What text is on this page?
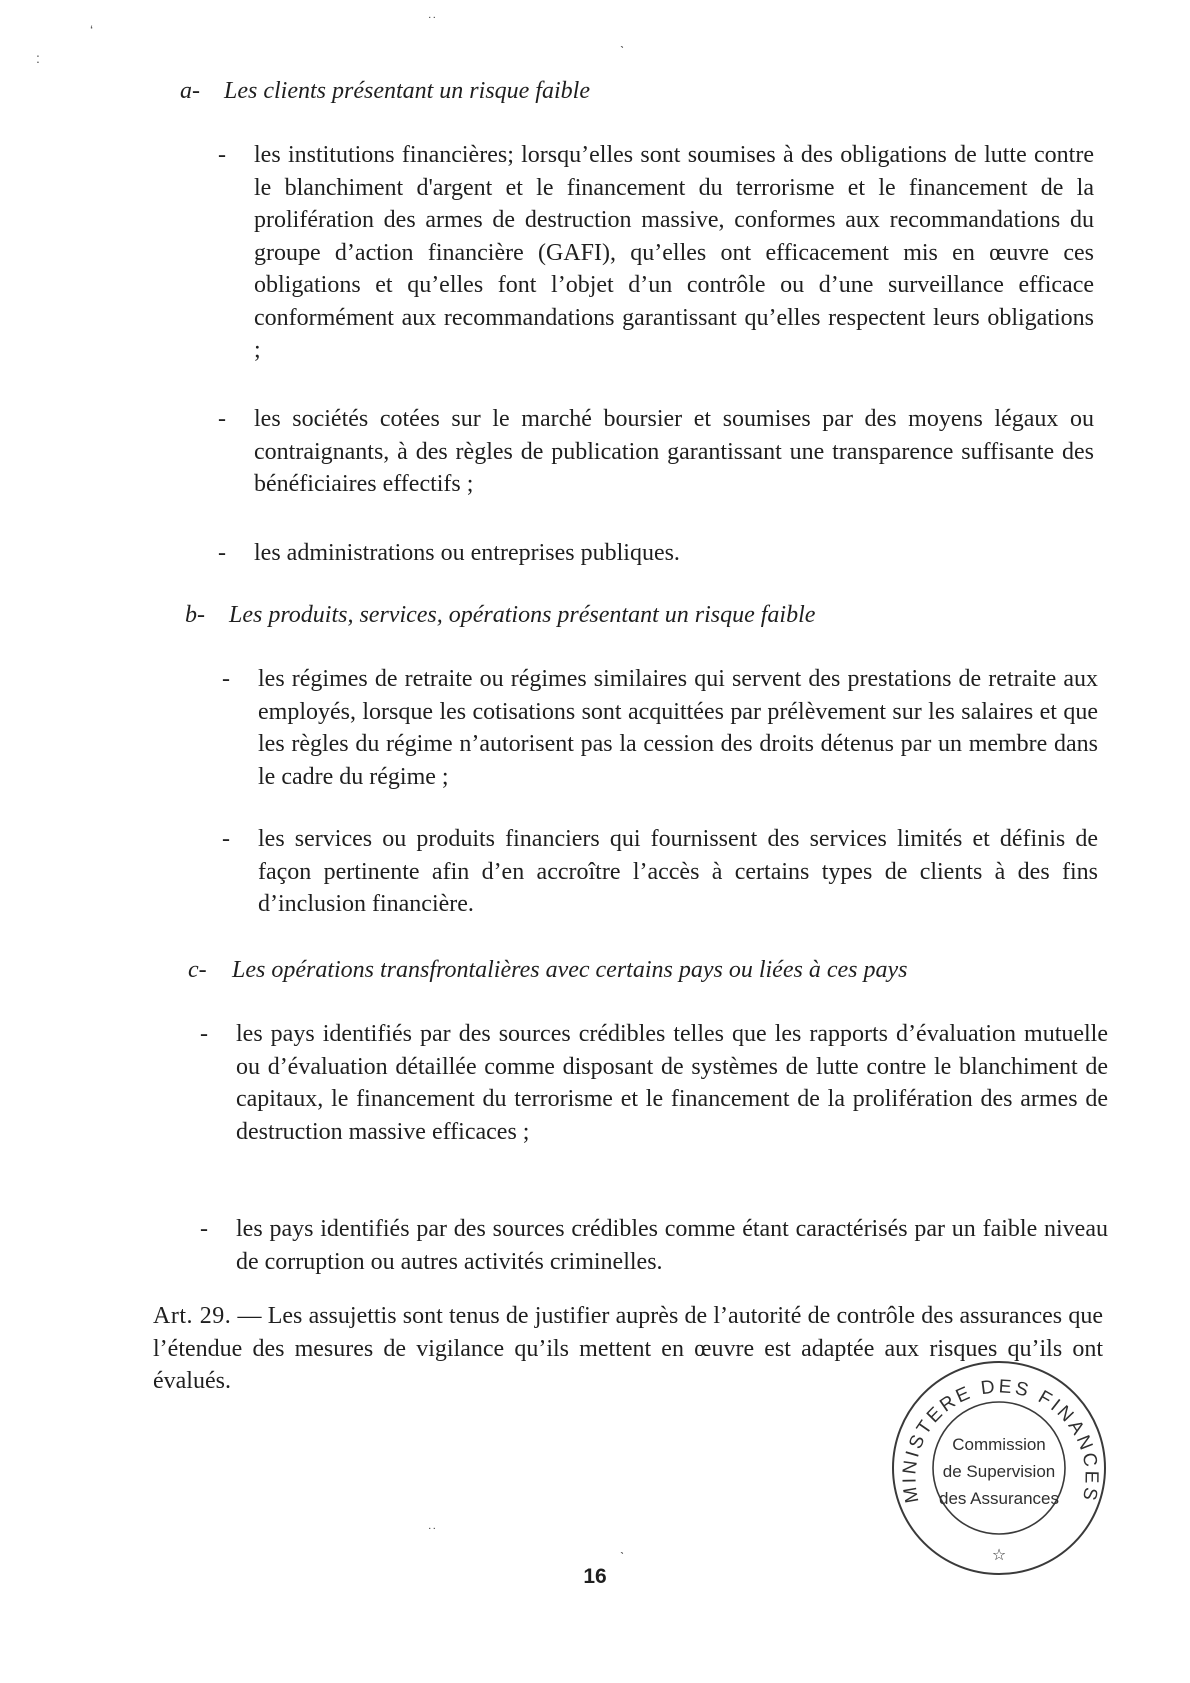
‘
:
˙˙
ˎ
˙˙
ˎ
a- Les clients présentant un risque faible
- les institutions financières; lorsqu’elles sont soumises à des obligations de lutte contre le blanchiment d'argent et le financement du terrorisme et le financement de la prolifération des armes de destruction massive, conformes aux recommandations du groupe d’action financière (GAFI), qu’elles ont efficacement mis en œuvre ces obligations et qu’elles font l’objet d’un contrôle ou d’une surveillance efficace conformément aux recommandations garantissant qu’elles respectent leurs obligations ;
- les sociétés cotées sur le marché boursier et soumises par des moyens légaux ou contraignants, à des règles de publication garantissant une transparence suffisante des bénéficiaires effectifs ;
- les administrations ou entreprises publiques.
b- Les produits, services, opérations présentant un risque faible
- les régimes de retraite ou régimes similaires qui servent des prestations de retraite aux employés, lorsque les cotisations sont acquittées par prélèvement sur les salaires et que les règles du régime n’autorisent pas la cession des droits détenus par un membre dans le cadre du régime ;
- les services ou produits financiers qui fournissent des services limités et définis de façon pertinente afin d’en accroître l’accès à certains types de clients à des fins d’inclusion financière.
c- Les opérations transfrontalières avec certains pays ou liées à ces pays
- les pays identifiés par des sources crédibles telles que les rapports d’évaluation mutuelle ou d’évaluation détaillée comme disposant de systèmes de lutte contre le blanchiment de capitaux, le financement du terrorisme et le financement de la prolifération des armes de destruction massive efficaces ;
- les pays identifiés par des sources crédibles comme étant caractérisés par un faible niveau de corruption ou autres activités criminelles.
Art. 29. — Les assujettis sont tenus de justifier auprès de l’autorité de contrôle des assurances que l’étendue des mesures de vigilance qu’ils mettent en œuvre est adaptée aux risques qu’ils ont évalués.
MINISTERE DES FINANCES
Commission
de Supervision
des Assurances
☆
16
